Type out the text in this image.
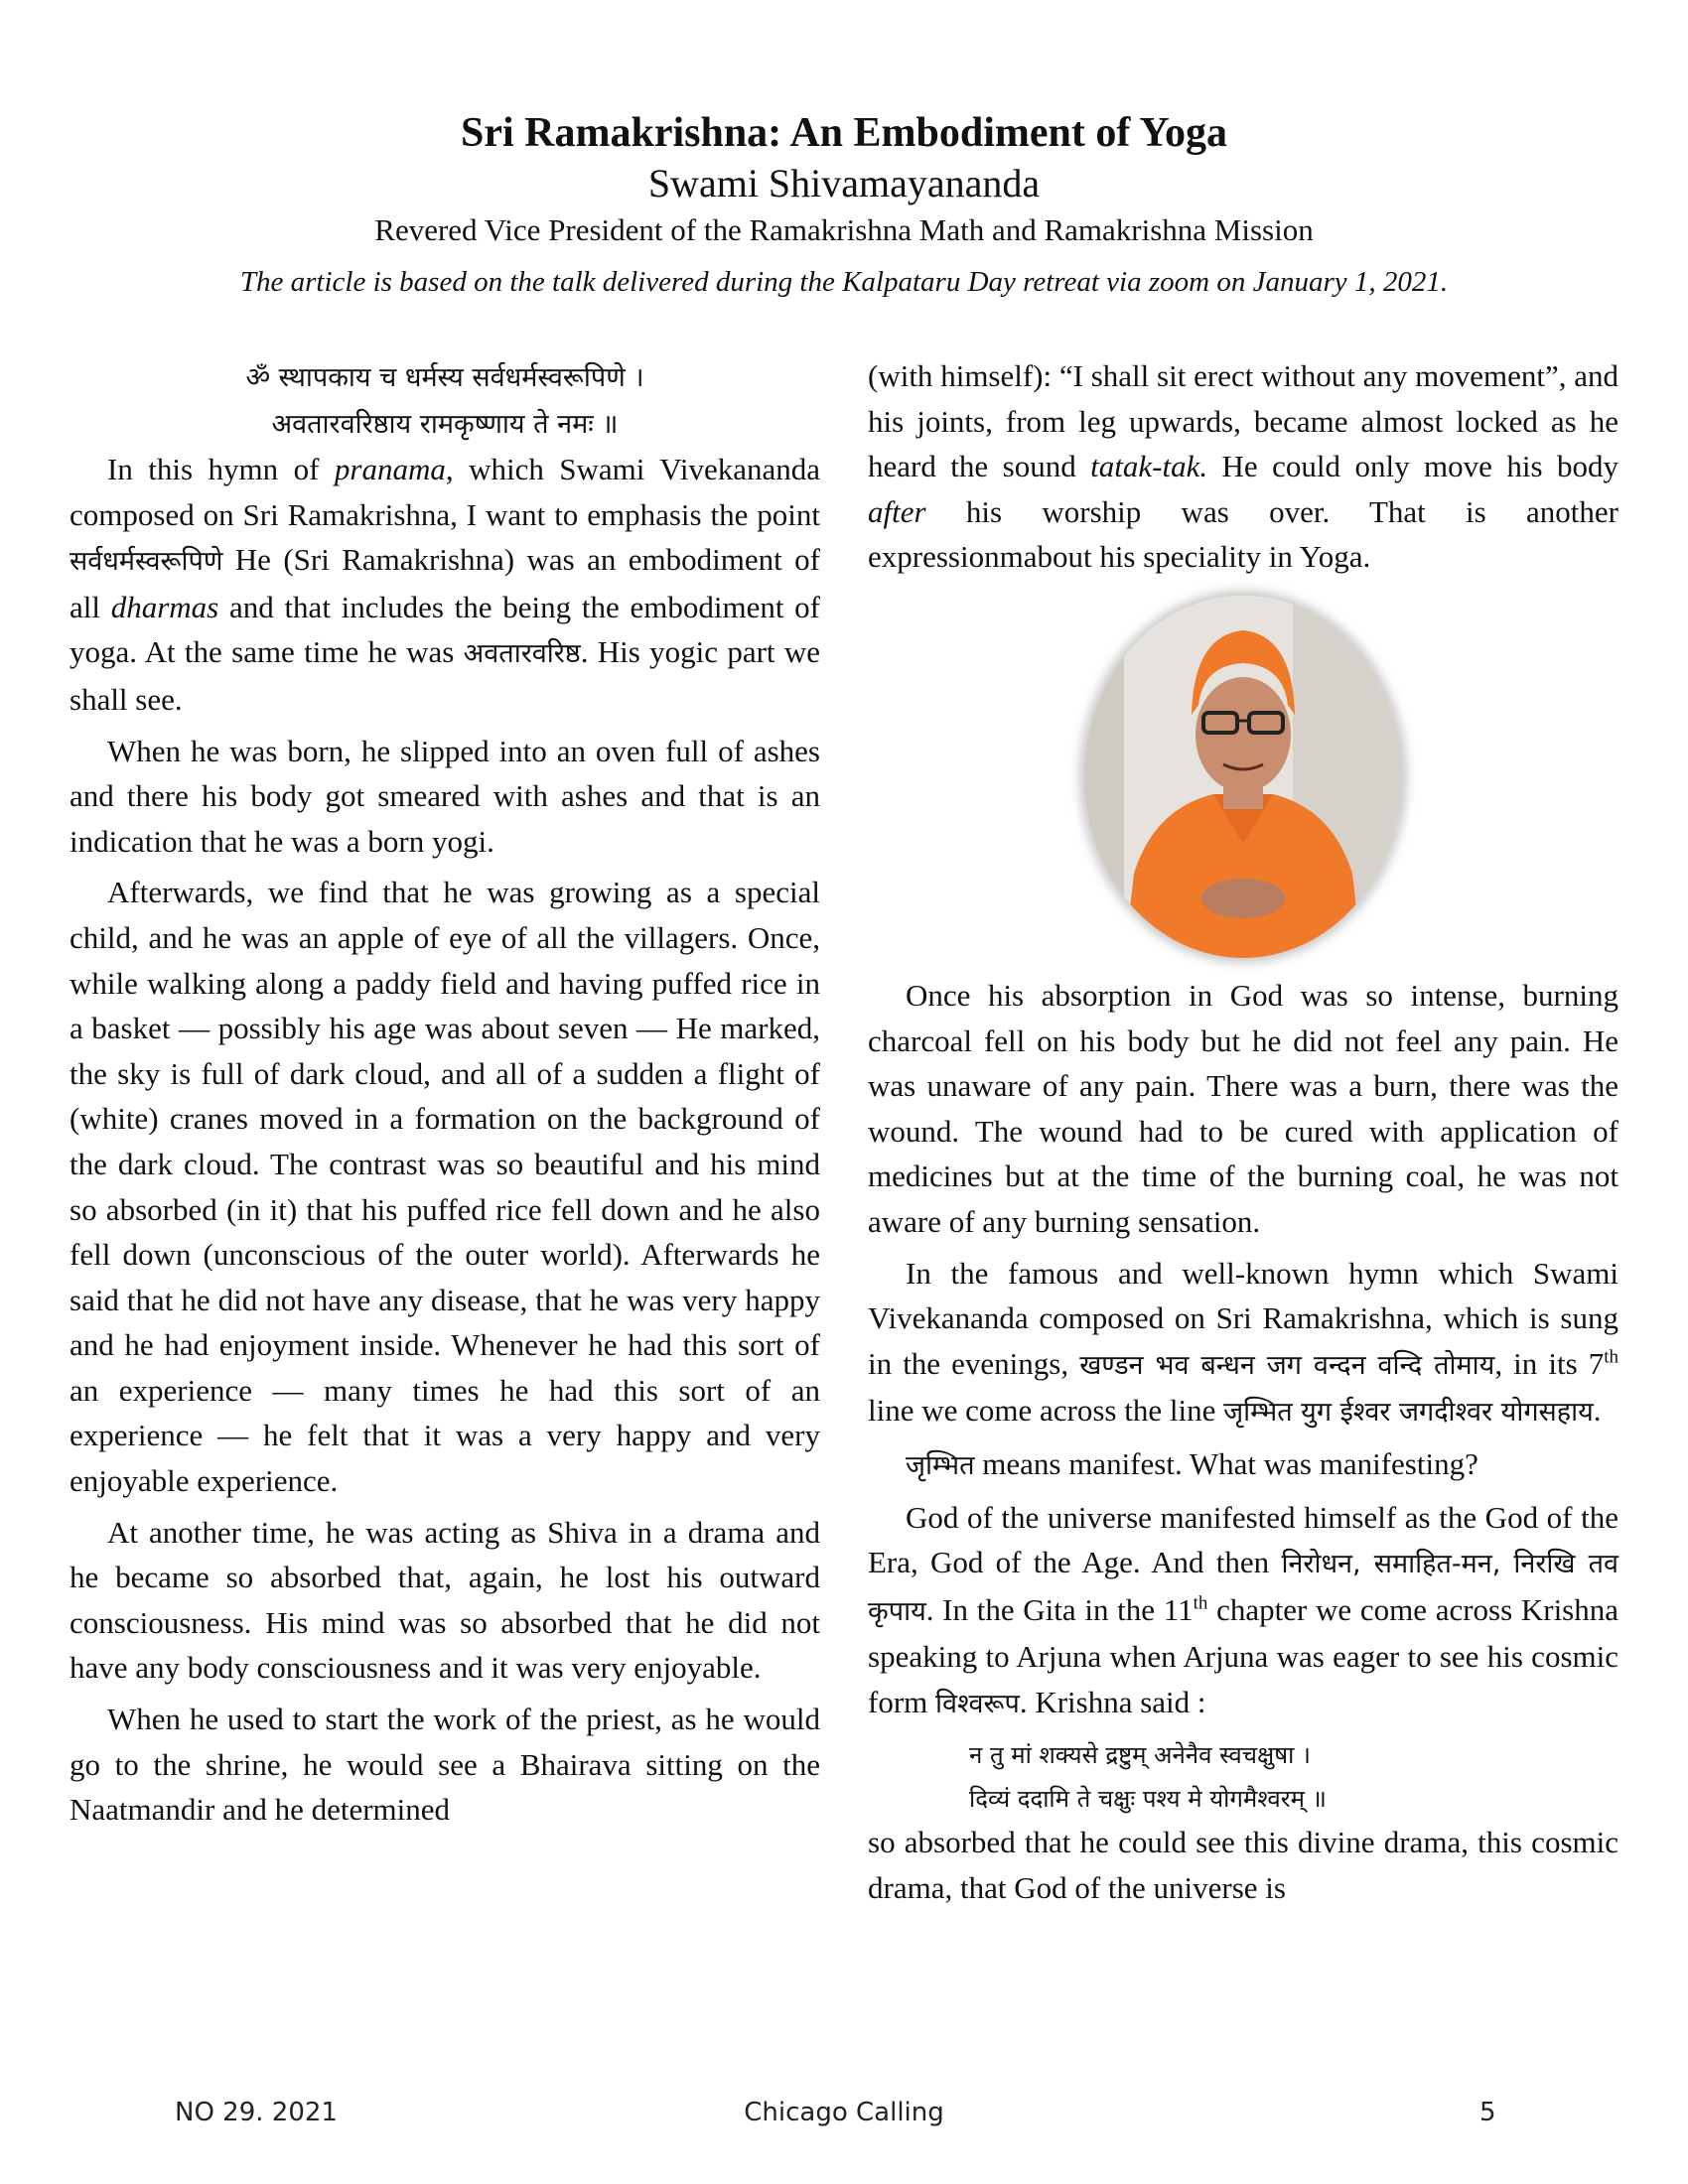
Sri Ramakrishna: An Embodiment of Yoga
Swami Shivamayananda
Revered Vice President of the Ramakrishna Math and Ramakrishna Mission
The article is based on the talk delivered during the Kalpataru Day retreat via zoom on January 1, 2021.

ॐ स्थापकाय च धर्मस्य सर्वधर्मस्वरूपिणे ।

अवतारवरिष्ठाय रामकृष्णाय ते नमः ॥

In this hymn of pranama, which Swami Vivekananda composed on Sri Ramakrishna, I want to emphasis the point सर्वधर्मस्वरूपिणे He (Sri Ramakrishna) was an embodiment of all dharmas and that includes the being the embodiment of yoga. At the same time he was अवतारवरिष्ठ. His yogic part we shall see.

When he was born, he slipped into an oven full of ashes and there his body got smeared with ashes and that is an indication that he was a born yogi.

Afterwards, we find that he was growing as a special child, and he was an apple of eye of all the villagers. Once, while walking along a paddy field and having puffed rice in a basket — possibly his age was about seven — He marked, the sky is full of dark cloud, and all of a sudden a flight of (white) cranes moved in a formation on the background of the dark cloud. The contrast was so beautiful and his mind so absorbed (in it) that his puffed rice fell down and he also fell down (unconscious of the outer world). Afterwards he said that he did not have any disease, that he was very happy and he had enjoyment inside. Whenever he had this sort of an experience — many times he had this sort of an experience — he felt that it was a very happy and very enjoyable experience.

At another time, he was acting as Shiva in a drama and he became so absorbed that, again, he lost his outward consciousness. His mind was so absorbed that he did not have any body consciousness and it was very enjoyable.

When he used to start the work of the priest, as he would go to the shrine, he would see a Bhairava sitting on the Naatmandir and he determined

(with himself): “I shall sit erect without any movement”, and his joints, from leg upwards, became almost locked as he heard the sound tatak-tak. He could only move his body after his worship was over. That is another expressionmabout his speciality in Yoga.

Once his absorption in God was so intense, burning charcoal fell on his body but he did not feel any pain. He was unaware of any pain. There was a burn, there was the wound. The wound had to be cured with application of medicines but at the time of the burning coal, he was not aware of any burning sensation.

In the famous and well-known hymn which Swami Vivekananda composed on Sri Ramakrishna, which is sung in the evenings, खण्डन भव बन्धन जग वन्दन वन्दि तोमाय, in its 7th line we come across the line जृम्भित युग ईश्वर जगदीश्वर योगसहाय.

जृम्भित means manifest. What was manifesting?

God of the universe manifested himself as the God of the Era, God of the Age. And then निरोधन, समाहित-मन, निरखि तव कृपाय. In the Gita in the 11th chapter we come across Krishna speaking to Arjuna when Arjuna was eager to see his cosmic form विश्वरूप. Krishna said :

न तु मां शक्यसे द्रष्टुम् अनेनैव स्वचक्षुषा ।

दिव्यं ददामि ते चक्षुः पश्य मे योगमैश्वरम् ॥

so absorbed that he could see this divine drama, this cosmic drama, that God of the universe is

NO 29. 2021	Chicago Calling	5
